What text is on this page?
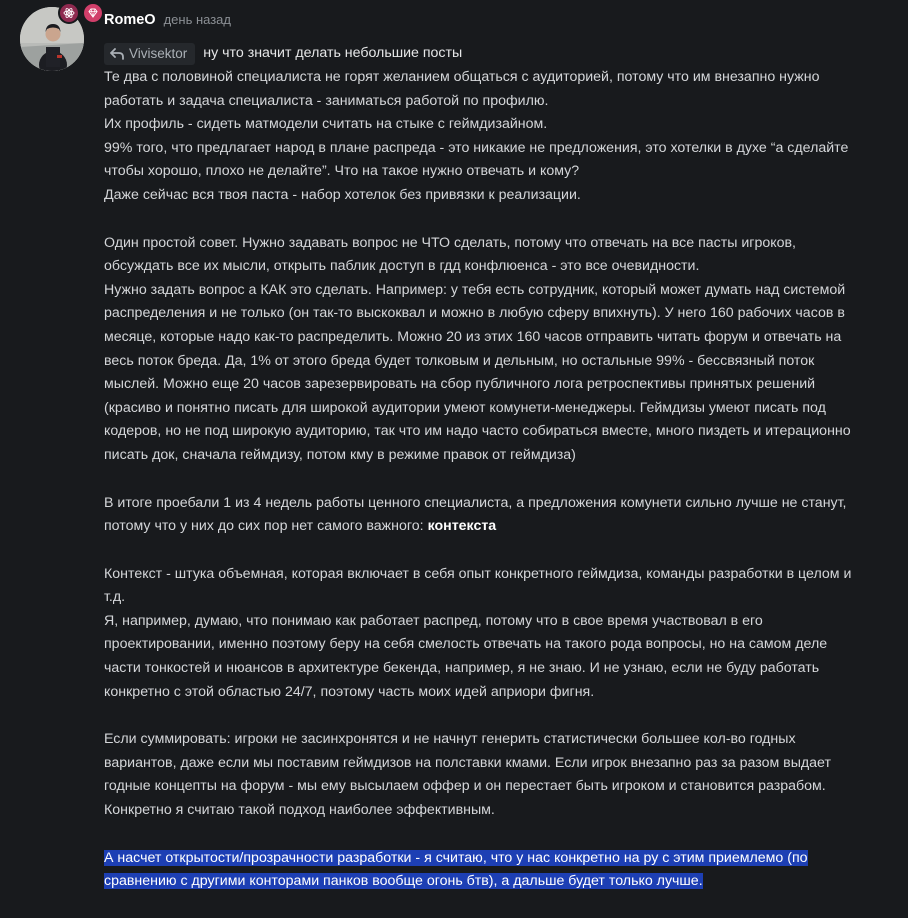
RomeO день назад
Vivisektor ну что значит делать небольшие посты
Те два с половиной специалиста не горят желанием общаться с аудиторией, потому что им внезапно нужно
работать и задача специалиста - заниматься работой по профилю.
Их профиль - сидеть матмодели считать на стыке с геймдизайном.
99% того, что предлагает народ в плане распреда - это никакие не предложения, это хотелки в духе “а сделайте
чтобы хорошо, плохо не делайте”. Что на такое нужно отвечать и кому?
Даже сейчас вся твоя паста - набор хотелок без привязки к реализации.
Один простой совет. Нужно задавать вопрос не ЧТО сделать, потому что отвечать на все пасты игроков,
обсуждать все их мысли, открыть паблик доступ в гдд конфлюенса - это все очевидности.
Нужно задать вопрос а КАК это сделать. Например: у тебя есть сотрудник, который может думать над системой
распределения и не только (он так-то выскоквал и можно в любую сферу впихнуть). У него 160 рабочих часов в
месяце, которые надо как-то распределить. Можно 20 из этих 160 часов отправить читать форум и отвечать на
весь поток бреда. Да, 1% от этого бреда будет толковым и дельным, но остальные 99% - бессвязный поток
мыслей. Можно еще 20 часов зарезервировать на сбор публичного лога ретроспективы принятых решений
(красиво и понятно писать для широкой аудитории умеют комунети-менеджеры. Геймдизы умеют писать под
кодеров, но не под широкую аудиторию, так что им надо часто собираться вместе, много пиздеть и итерационно
писать док, сначала геймдизу, потом кму в режиме правок от геймдиза)
В итоге проебали 1 из 4 недель работы ценного специалиста, а предложения комунети сильно лучше не станут,
потому что у них до сих пор нет самого важного: контекста
Контекст - штука объемная, которая включает в себя опыт конкретного геймдиза, команды разработки в целом и
т.д.
Я, например, думаю, что понимаю как работает распред, потому что в свое время участвовал в его
проектировании, именно поэтому беру на себя смелость отвечать на такого рода вопросы, но на самом деле
части тонкостей и нюансов в архитектуре бекенда, например, я не знаю. И не узнаю, если не буду работать
конкретно с этой областью 24/7, поэтому часть моих идей априори фигня.
Если суммировать: игроки не засинхронятся и не начнут генерить статистически большее кол-во годных
вариантов, даже если мы поставим геймдизов на полставки кмами. Если игрок внезапно раз за разом выдает
годные концепты на форум - мы ему высылаем оффер и он перестает быть игроком и становится разрабом.
Конкретно я считаю такой подход наиболее эффективным.
А насчет открытости/прозрачности разработки - я считаю, что у нас конкретно на ру с этим приемлемо (по
сравнению с другими конторами панков вообще огонь бтв), а дальше будет только лучше.
